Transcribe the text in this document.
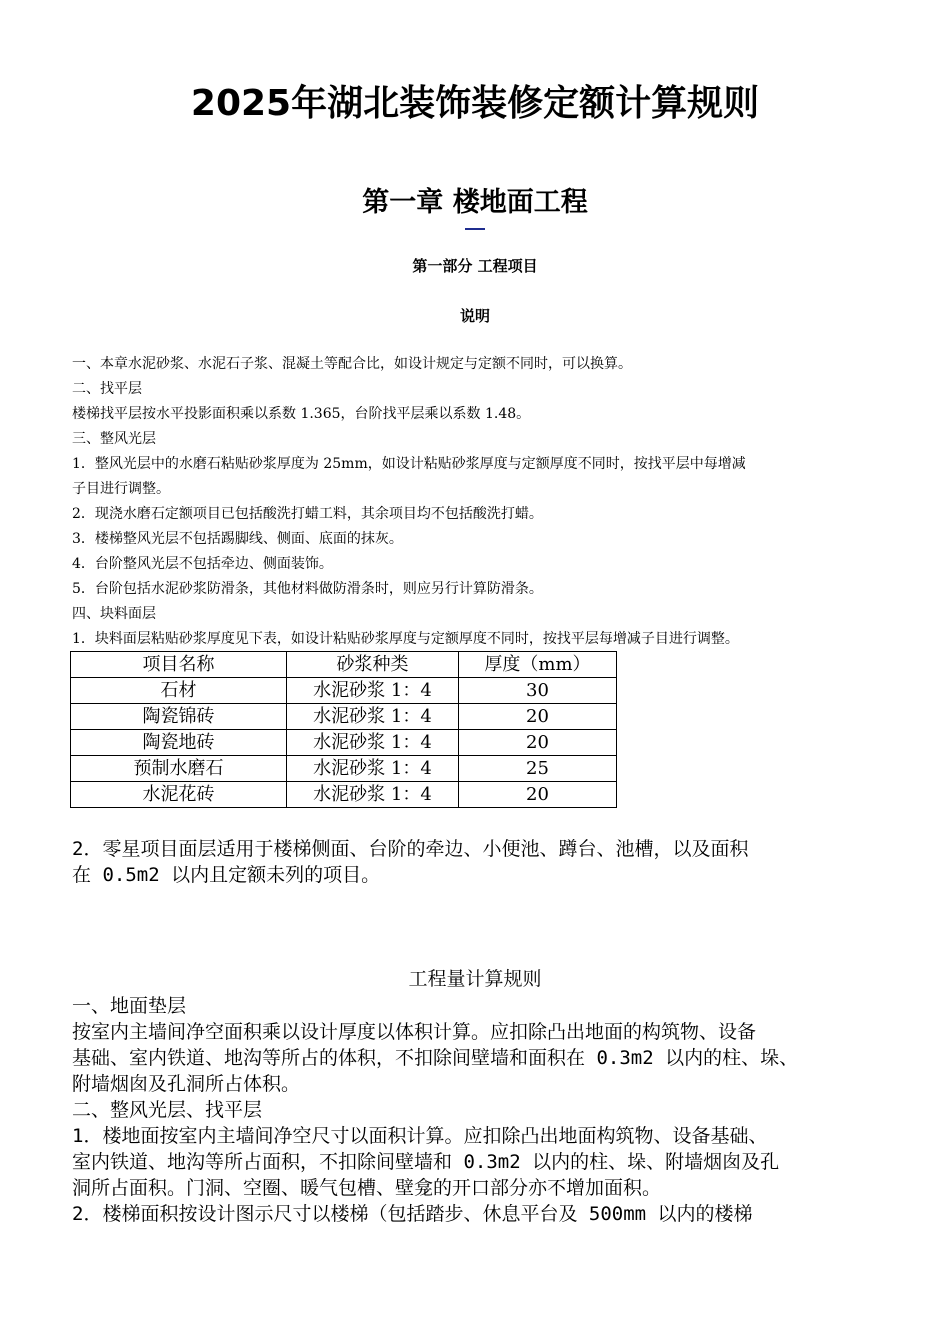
2025年湖北装饰装修定额计算规则
第一章 楼地面工程
第一部分 工程项目
说明
一、本章水泥砂浆、水泥石子浆、混凝土等配合比，如设计规定与定额不同时，可以换算。
二、找平层
楼梯找平层按水平投影面积乘以系数 1.365，台阶找平层乘以系数 1.48。
三、整风光层
1．整风光层中的水磨石粘贴砂浆厚度为 25mm，如设计粘贴砂浆厚度与定额厚度不同时，按找平层中每增减
子目进行调整。
2．现浇水磨石定额项目已包括酸洗打蜡工料，其余项目均不包括酸洗打蜡。
3．楼梯整风光层不包括踢脚线、侧面、底面的抹灰。
4．台阶整风光层不包括牵边、侧面装饰。
5．台阶包括水泥砂浆防滑条，其他材料做防滑条时，则应另行计算防滑条。
四、块料面层
1．块料面层粘贴砂浆厚度见下表，如设计粘贴砂浆厚度与定额厚度不同时，按找平层每增减子目进行调整。
项目名称	砂浆种类	厚度（mm）
石材	水泥砂浆 1：4	30
陶瓷锦砖	水泥砂浆 1：4	20
陶瓷地砖	水泥砂浆 1：4	20
预制水磨石	水泥砂浆 1：4	25
水泥花砖	水泥砂浆 1：4	20
2．零星项目面层适用于楼梯侧面、台阶的牵边、小便池、蹲台、池槽，以及面积
在 0.5m2 以内且定额未列的项目。
工程量计算规则
一、地面垫层
按室内主墙间净空面积乘以设计厚度以体积计算。应扣除凸出地面的构筑物、设备
基础、室内铁道、地沟等所占的体积，不扣除间壁墙和面积在 0.3m2 以内的柱、垛、
附墙烟囱及孔洞所占体积。
二、整风光层、找平层
1．楼地面按室内主墙间净空尺寸以面积计算。应扣除凸出地面构筑物、设备基础、
室内铁道、地沟等所占面积，不扣除间壁墙和 0.3m2 以内的柱、垛、附墙烟囱及孔
洞所占面积。门洞、空圈、暖气包槽、壁龛的开口部分亦不增加面积。
2．楼梯面积按设计图示尺寸以楼梯（包括踏步、休息平台及 500mm 以内的楼梯
